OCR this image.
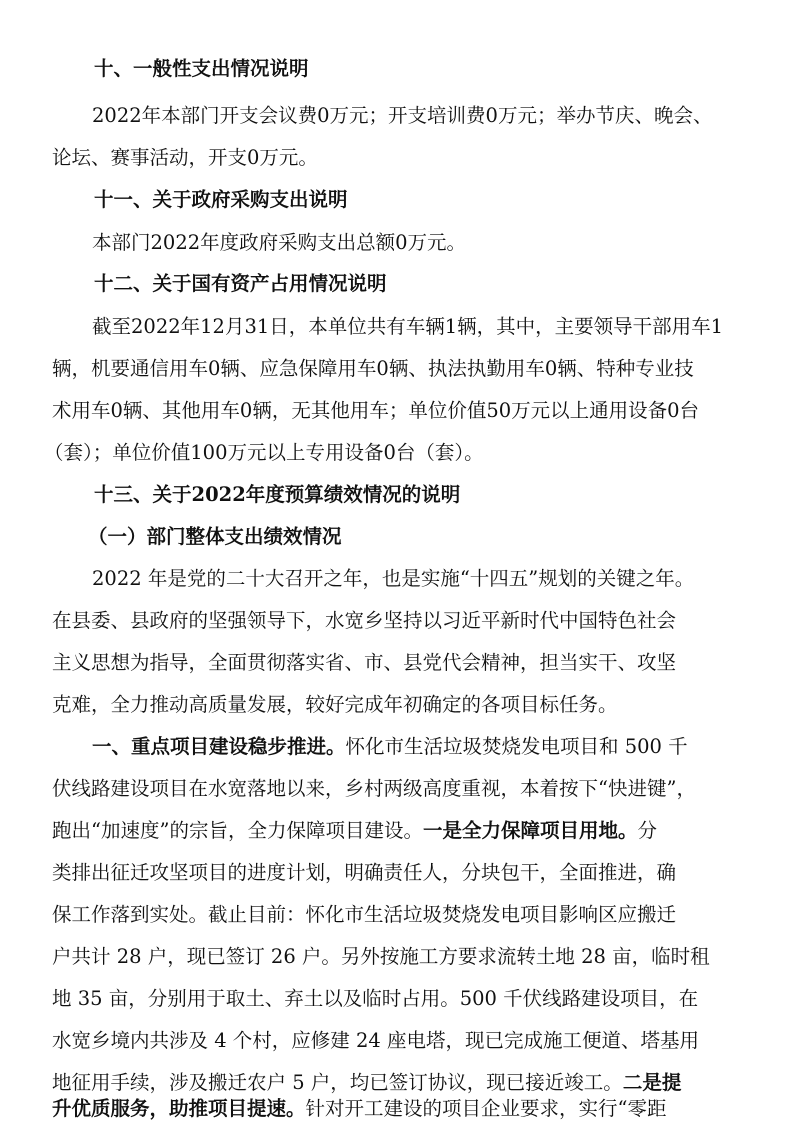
十、一般性支出情况说明
2022年本部门开支会议费0万元；开支培训费0万元；举办节庆、晚会、
论坛、赛事活动，开支0万元。
十一、关于政府采购支出说明
本部门2022年度政府采购支出总额0万元。
十二、关于国有资产占用情况说明
截至2022年12月31日，本单位共有车辆1辆，其中，主要领导干部用车1
辆，机要通信用车0辆、应急保障用车0辆、执法执勤用车0辆、特种专业技
术用车0辆、其他用车0辆，无其他用车；单位价值50万元以上通用设备0台
（套）；单位价值100万元以上专用设备0台（套）。
十三、关于2022年度预算绩效情况的说明
（一）部门整体支出绩效情况
2022 年是党的二十大召开之年，也是实施“十四五”规划的关键之年。
在县委、县政府的坚强领导下，水宽乡坚持以习近平新时代中国特色社会
主义思想为指导，全面贯彻落实省、市、县党代会精神，担当实干、攻坚
克难，全力推动高质量发展，较好完成年初确定的各项目标任务。
一、重点项目建设稳步推进。怀化市生活垃圾焚烧发电项目和 500 千
伏线路建设项目在水宽落地以来，乡村两级高度重视，本着按下“快进键”，
跑出“加速度”的宗旨，全力保障项目建设。一是全力保障项目用地。分
类排出征迁攻坚项目的进度计划，明确责任人，分块包干，全面推进，确
保工作落到实处。截止目前：怀化市生活垃圾焚烧发电项目影响区应搬迁
户共计 28 户，现已签订 26 户。另外按施工方要求流转土地 28 亩，临时租
地 35 亩，分别用于取土、弃土以及临时占用。500 千伏线路建设项目，在
水宽乡境内共涉及 4 个村，应修建 24 座电塔，现已完成施工便道、塔基用
地征用手续，涉及搬迁农户 5 户，均已签订协议，现已接近竣工。二是提
升优质服务，助推项目提速。针对开工建设的项目企业要求，实行“零距
